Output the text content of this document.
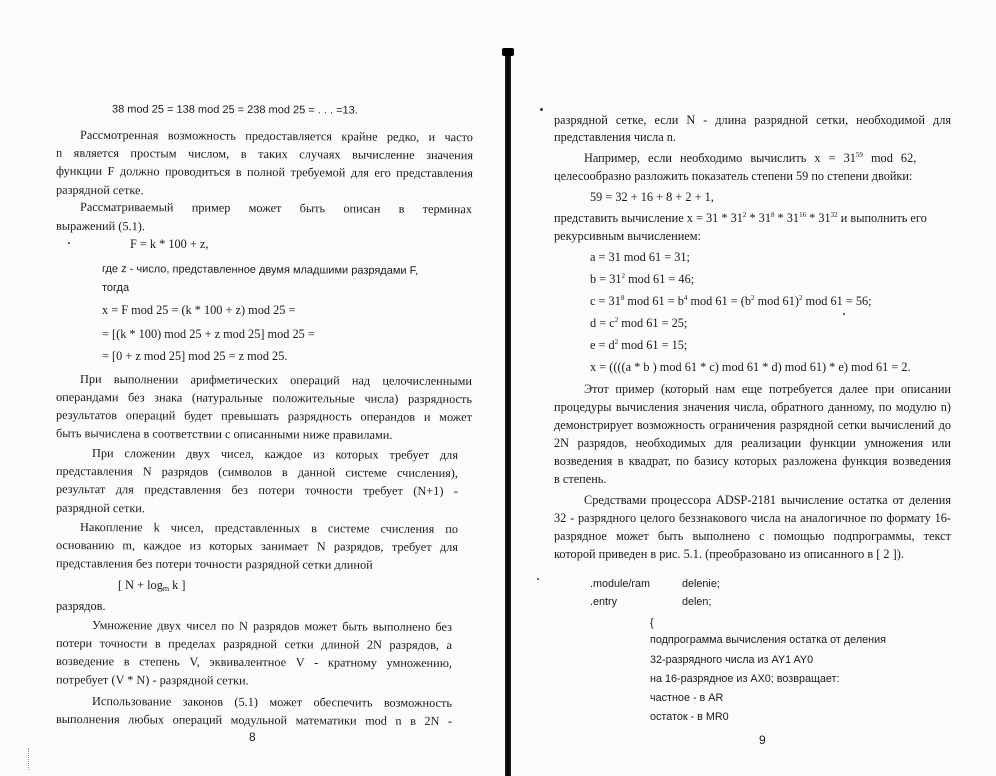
38 mod 25 = 138 mod 25 = 238 mod 25 = . . . =13.
Рассмотренная возможность предоставляется крайне редко, и часто
n является простым числом, в таких случаях вычисление значения
функции F должно проводиться в полной требуемой для его представления
разрядной сетке.
Рассматриваемый пример может быть описан в терминах
выражений (5.1).
F = k * 100 + z,
где z - число, представленное двумя младшими разрядами F,
тогда
x = F mod 25 = (k * 100 + z) mod 25 =
= [(k * 100) mod 25 + z mod 25] mod 25 =
= [0 + z mod 25] mod 25 = z mod 25.
При выполнении арифметических операций над целочисленными
операндами без знака (натуральные положительные числа) разрядность
результатов операций будет превышать разрядность операндов и может
быть вычислена в соответствии с описанными ниже правилами.
При сложении двух чисел, каждое из которых требует для
представления N разрядов (символов в данной системе счисления),
результат для представления без потери точности требует (N+1) -
разрядной сетки.
Накопление k чисел, представленных в системе счисления по
основанию m, каждое из которых занимает N разрядов, требует для
представления без потери точности разрядной сетки длиной
[ $N + \log_m k$ ]
разрядов.
Умножение двух чисел по N разрядов может быть выполнено без
потери точности в пределах разрядной сетки длиной 2N разрядов, а
возведение в степень V, эквивалентное V - кратному умножению,
потребует (V * N) - разрядной сетки.
Использование законов (5.1) может обеспечить возможность
выполнения любых операций модульной математики mod n в 2N -
8
разрядной сетке, если N - длина разрядной сетки, необходимой для
представления числа n.
Например, если необходимо вычислить $x = 31^{59}$ mod 62,
целесообразно разложить показатель степени 59 по степени двойки:
59 = 32 + 16 + 8 + 2 + 1,
представить вычисление $x = 31 * 31^2 * 31^8 * 31^{16} * 31^{32}$ и выполнить его
рекурсивным вычислением:
a = 31 mod 61 = 31;
$b = 31^2$ mod 61 = 46;
$c = 31^8$ mod $61 = b^4$ mod $61 = (b^2$ mod 61)$^2$ mod 61 = 56;
$d = c^2$ mod 61 = 25;
$e = d^2$ mod 61 = 15;
x = ((((a * b ) mod 61 * c) mod 61 * d) mod 61) * e) mod 61 = 2.
Этот пример (который нам еще потребуется далее при описании
процедуры вычисления значения числа, обратного данному, по модулю n)
демонстрирует возможность ограничения разрядной сетки вычислений до
2N разрядов, необходимых для реализации функции умножения или
возведения в квадрат, по базису которых разложена функция возведения
в степень.
Средствами процессора ADSP-2181 вычисление остатка от деления
32 - разрядного целого беззнакового числа на аналогичное по формату 16-
разрядное может быть выполнено с помощью подпрограммы, текст
которой приведен в рис. 5.1. (преобразовано из описанного в [ 2 ]).
.module/ram	delenie;
.entry	delen;
{
подпрограмма вычисления остатка от деления
32-разрядного числа из AY1 AY0
на 16-разрядное из AX0; возвращает:
частное - в AR
остаток - в MR0
9
